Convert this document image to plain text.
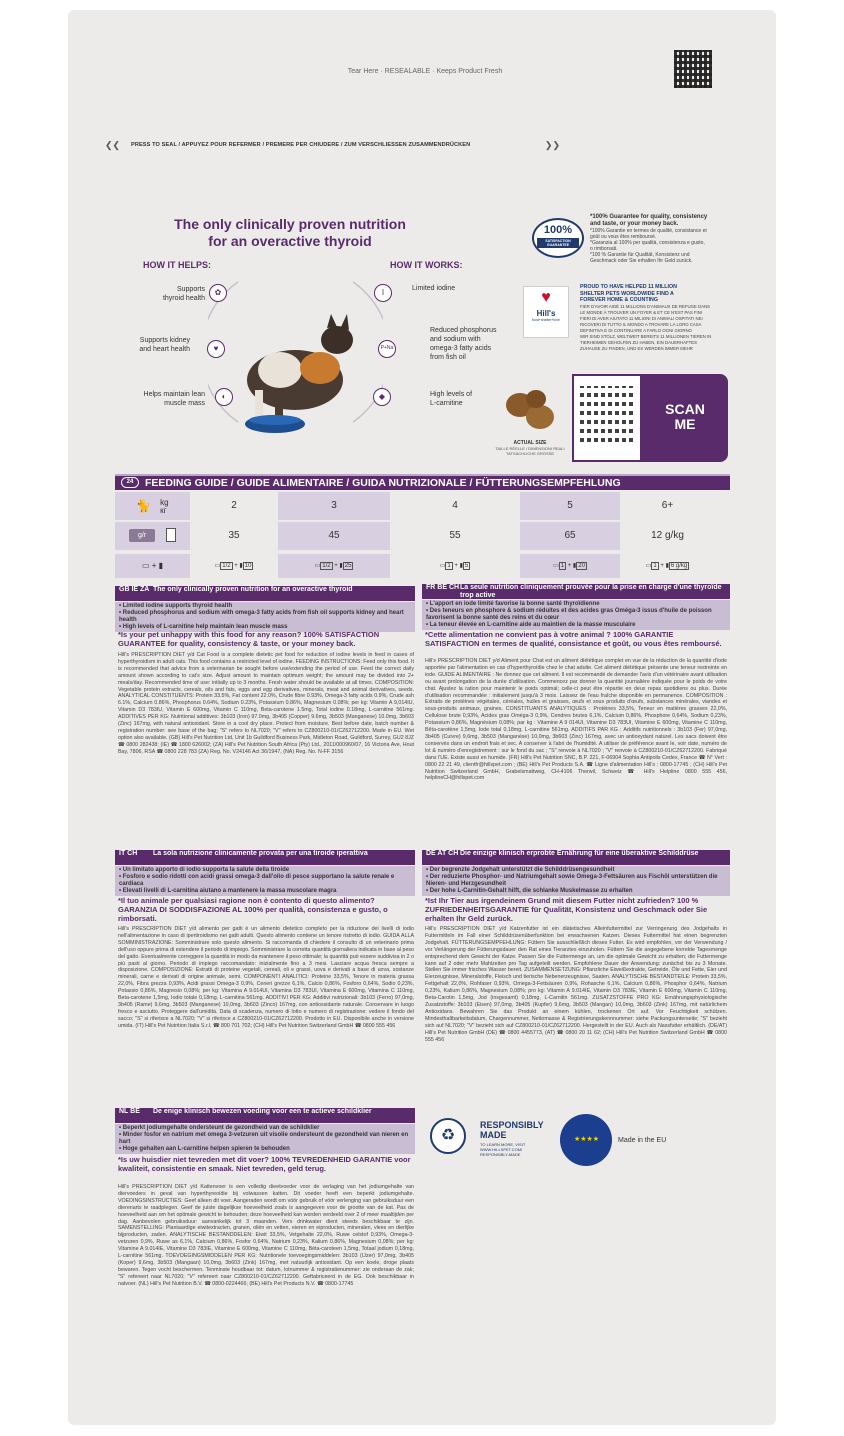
Tear Here · RESEALABLE · Keeps Product Fresh
❮❮ PRESS TO SEAL / APPUYEZ POUR REFERMER / PREMERE PER CHIUDERE / ZUM VERSCHLIESSEN ZUSAMMENDRÜCKEN	❯❯
The only clinically proven nutrition
for an overactive thyroid
HOW IT HELPS:	HOW IT WORKS:
Supports
thyroid health
Supports kidney
and heart health
Helps maintain lean
muscle mass
✿
♥
◐
I
P+Na
◆
Limited iodine
Reduced phosphorus
and sodium with
omega-3 fatty acids
from fish oil
High levels of
L-carnitine
ACTUAL SIZE
TAILLE RÉELLE / DIMENSIONI REALI
TATSÄCHLICHE GRÖSSE
100%
SATISFACTION GUARANTEE
*100% Guarantee for quality, consistency
and taste, or your money back.
*100% Garantie en termes de qualité, consistance et
goût ou vous êtes remboursé.
*Garanzia al 100% per qualità, consistenza e gusto,
o rimborsati.
*100 % Garantie für Qualität, Konsistenz und
Geschmack oder Sie erhalten Ihr Geld zurück.
♥
Hill's
food+shelter+love
PROUD TO HAVE HELPED 11 MILLION
SHELTER PETS WORLDWIDE FIND A
FOREVER HOME & COUNTING
FIER D'AVOIR AIDÉ 11 MILLIONS D'ANIMAUX DE REFUGE DANS
LE MONDE À TROUVER UN FOYER & ET CE N'EST PAS FINI
FIERI DI AVER AIUTATO 11 MILIONI DI ANIMALI OSPITATI NEI
RICOVERI DI TUTTO IL MONDO A TROVARE LA LORO CASA
DEFINITIVA E DI CONTINUARE A FARLO OGNI GIORNO
WIR SIND STOLZ, WELTWEIT BEREITS 11 MILLIONEN TIEREN IN
TIERHEIMEN GEHOLFEN ZU HABEN, EIN DAUERHAFTES
ZUHAUSE ZU FINDEN, UND ES WERDEN IMMER MEHR
SCAN
ME
24	FEEDING GUIDE / GUIDE ALIMENTAIRE / GUIDA NUTRIZIONALE / FÜTTERUNGSEMPFEHLUNG
🐈 kg
кг	2	3	4	5	6+
g/r	35	45	55	65	12 g/kg
▭ + ▮	▭ 1/2 + ▮ 10	▭ 1/2 + ▮ 25	▭ 1 + ▮ 5	▭ 1 + ▮ 20	▭ 1 + ▮ 6 g/kg
GB IE ZA The only clinically proven nutrition for an overactive thyroid
• Limited iodine supports thyroid health
• Reduced phosphorus and sodium with omega-3 fatty acids from fish oil supports kidney and heart health
• High levels of L-carnitine help maintain lean muscle mass
*Is your pet unhappy with this food for any reason? 100% SATISFACTION GUARANTEE for quality, consistency & taste, or your money back.
Hill's PRESCRIPTION DIET y/d Cat Food is a complete dietetic pet food for reduction of iodine levels in feed in cases of hyperthyroidism in adult cats. This food contains a restricted level of iodine. FEEDING INSTRUCTIONS: Feed only this food. It is recommended that advice from a veterinarian be sought before use/extending the period of use. Feed the correct daily amount shown according to cat's size. Adjust amount to maintain optimum weight; the amount may be divided into 2+ meals/day. Recommended time of use: initially up to 3 months. Fresh water should be available at all times. COMPOSITION: Vegetable protein extracts, cereals, oils and fats, eggs and egg derivatives, minerals, meat and animal derivatives, seeds. ANALYTICAL CONSTITUENTS: Protein 33.5%, Fat content 22.0%, Crude fibre 0.93%, Omega-3 fatty acids 0.9%, Crude ash 6.1%, Calcium 0.86%, Phosphorus 0.64%, Sodium 0.23%, Potassium 0.86%, Magnesium 0.08%; per kg: Vitamin A 9,014IU, Vitamin D3 783IU, Vitamin E 600mg, Vitamin C 110mg, Beta-carotene 1.5mg, Total iodine 0.18mg, L-carnitine 561mg. ADDITIVES PER KG: Nutritional additives: 3b103 (Iron) 97.0mg, 3b405 (Copper) 9.6mg, 3b503 (Manganese) 10.0mg, 3b603 (Zinc) 167mg, with natural antioxidant. Store in a cool dry place. Protect from moisture. Best before date, batch number & registration number: see base of the bag; "S" refers to NL7020; "V" refers to CZ800210-01/CZ62712200. Made in EU. Wet option also available. (GB) Hill's Pet Nutrition Ltd, Unit 1b Guildford Business Park, Midleton Road, Guildford, Surrey, GU2 8JZ ☎ 0800 282438; (IE) ☎ 1800 626002; (ZA) Hill's Pet Nutrition South Africa (Pty) Ltd., 2011/000960/07, 16 Victoria Ave, Hout Bay, 7806, RSA ☎ 0800 228 783 (ZA) Reg. No. V24146 Act 36/1947, (NA) Reg. No. N-FF 3156
FR BE CHLa seule nutrition cliniquement prouvée pour la prise en charge d'une thyroïde trop active
• L'apport en iode limité favorise la bonne santé thyroïdienne
• Des teneurs en phosphore & sodium réduites et des acides gras Oméga-3 issus d'huile de poisson favorisent la bonne santé des reins et du cœur
• La teneur élevée en L-carnitine aide au maintien de la masse musculaire
*Cette alimentation ne convient pas à votre animal ? 100% GARANTIE SATISFACTION en termes de qualité, consistance et goût, ou vous êtes remboursé.
Hill's PRESCRIPTION DIET y/d Aliment pour Chat est un aliment diététique complet en vue de la réduction de la quantité d'iode apportée par l'alimentation en cas d'hyperthyroïdie chez le chat adulte. Cet aliment diététique présente une teneur restreinte en iode. GUIDE ALIMENTAIRE : Ne donnez que cet aliment. Il est recommandé de demander l'avis d'un vétérinaire avant utilisation ou avant prolongation de la durée d'utilisation. Commencez par donner la quantité journalière indiquée pour le poids de votre chat. Ajustez la ration pour maintenir le poids optimal; celle-ci peut être répartie en deux repas quotidiens ou plus. Durée d'utilisation recommandée : initialement jusqu'à 3 mois. Laissez de l'eau fraîche disponible en permanence. COMPOSITION : Extraits de protéines végétales, céréales, huiles et graisses, œufs et sous produits d'œufs, substances minérales, viandes et sous-produits animaux, graines. CONSTITUANTS ANALYTIQUES : Protéines 33,5%, Teneur en matières grasses 22,0%, Cellulose brute 0,93%, Acides gras Oméga-3 0,9%, Cendres brutes 6,1%, Calcium 0,86%, Phosphore 0,64%, Sodium 0,23%, Potassium 0,86%, Magnésium 0,08%; par kg : Vitamine A 9 014UI, Vitamine D3 783UI, Vitamine E 600mg, Vitamine C 110mg, Bêta-carotène 1,5mg, Iode total 0,18mg, L-carnitine 561mg. ADDITIFS PAR KG : Additifs nutritionnels : 3b103 (Fer) 97,0mg, 3b405 (Cuivre) 9,6mg, 3b503 (Manganèse) 10,0mg, 3b603 (Zinc) 167mg, avec un antioxydant naturel. Les sacs doivent être conservés dans un endroit frais et sec. A conserver à l'abri de l'humidité. A utiliser de préférence avant le, voir date, numéro de lot & numéro d'enregistrement : sur le fond du sac ; "S" renvoie à NL7020 ; "V" renvoie à CZ800210-01/CZ62712200. Fabriqué dans l'UE. Existe aussi en humide. (FR) Hill's Pet Nutrition SNC, B.P. 221, F-06904 Sophia Antipolis Cedex, France ☎ N° Vert : 0800 22 21 49, clientfr@hillspet.com ; (BE) Hill's Pet Products S.A. ☎ Ligne d'alimentation Hill's : 0800-17745 ; (CH) Hill's Pet Nutrition Switzerland GmbH, Grabelsmattweg, CH-4106 Therwil, Schweiz ☎ Hill's Helpline 0800 555 456, helplineCH@hillspet.com
IT CH La sola nutrizione clinicamente provata per una tiroide iperattiva
• Un limitato apporto di iodio supporta la salute della tiroide
• Fosforo e sodio ridotti con acidi grassi omega-3 dall'olio di pesce supportano la salute renale e cardiaca
• Elevati livelli di L-carnitina aiutano a mantenere la massa muscolare magra
*Il tuo animale per qualsiasi ragione non è contento di questo alimento? GARANZIA DI SODDISFAZIONE AL 100% per qualità, consistenza e gusto, o rimborsati.
Hill's PRESCRIPTION DIET y/d alimento per gatti è un alimento dietetico completo per la riduzione dei livelli di iodio nell'alimentazione in caso di ipertiroidismo nei gatti adulti. Questo alimento contiene un tenore ristretto di iodio. GUIDA ALLA SOMMINISTRAZIONE: Somministrare solo questo alimento. Si raccomanda di chiedere il consulto di un veterinario prima dell'uso oppure prima di estendere il periodo di impiego. Somministrare la corretta quantità giornaliera indicata in base al peso del gatto. Eventualmente correggere la quantità in modo da mantenere il peso ottimale; la quantità può essere suddivisa in 2 o più pasti al giorno. Periodo di impiego raccomandato: inizialmente fino a 3 mesi. Lasciare acqua fresca sempre a disposizione. COMPOSIZIONE: Estratti di proteine vegetali, cereali, oli e grassi, uova e derivati a base di uova, sostanze minerali, carne e derivati di origine animale, semi. COMPONENTI ANALITICI: Proteine 33,5%, Tenore in materia grassa 22,0%, Fibra grezza 0,93%, Acidi grassi Omega-3 0,9%, Ceneri grezze 6,1%, Calcio 0,86%, Fosforo 0,64%, Sodio 0,23%, Potassio 0,86%, Magnesio 0,08%; per kg: Vitamina A 9.014UI, Vitamina D3 783UI, Vitamina E 600mg, Vitamina C 110mg, Beta-carotene 1,5mg, Iodio totale 0,18mg, L-carnitina 561mg. ADDITIVI PER KG: Additivi nutrizionali: 3b103 (Ferro) 97,0mg, 3b405 (Rame) 9,6mg, 3b503 (Manganese) 10,0mg, 3b603 (Zinco) 167mg, con antiossidante naturale. Conservare in luogo fresco e asciutto. Proteggere dall'umidità. Data di scadenza, numero di lotto e numero di registrazione: vedere il fondo del sacco; "S" si riferisce a NL7020; "V" si riferisce a CZ800210-01/CZ62712200. Prodotto in EU. Disponibile anche in versione umida. (IT) Hill's Pet Nutrition Italia S.r.l. ☎ 800 701 702; (CH) Hill's Pet Nutrition Switzerland GmbH ☎ 0800 555 456
DE AT CH Die einzige klinisch erprobte Ernährung für eine überaktive Schilddrüse
• Der begrenzte Jodgehalt unterstützt die Schilddrüsengesundheit
• Der reduzierte Phosphor- und Natriumgehalt sowie Omega-3-Fettsäuren aus Fischöl unterstützen die Nieren- und Herzgesundheit
• Der hohe L-Carnitin-Gehalt hilft, die schlanke Muskelmasse zu erhalten
*Ist Ihr Tier aus irgendeinem Grund mit diesem Futter nicht zufrieden? 100 % ZUFRIEDENHEITSGARANTIE für Qualität, Konsistenz und Geschmack oder Sie erhalten Ihr Geld zurück.
Hill's PRESCRIPTION DIET y/d Katzenfutter ist ein diätetisches Alleinfuttermittel zur Verringerung des Jodgehalts in Futtermitteln im Fall einer Schilddrüsenüberfunktion bei erwachsenen Katzen. Dieses Futtermittel hat einen begrenzten Jodgehalt. FÜTTERUNGSEMPFEHLUNG: Füttern Sie ausschließlich dieses Futter. Es wird empfohlen, vor der Verwendung / vor Verlängerung der Fütterungsdauer den Rat eines Tierarztes einzuholen. Füttern Sie die angegebene korrekte Tagesmenge entsprechend dem Gewicht der Katze. Passen Sie die Futtermenge an, um die optimale Gewicht zu erhalten; die Futtermenge kann auf 2 oder mehr Mahlzeiten pro Tag aufgeteilt werden. Empfohlene Dauer der Anwendung: zunächst bis zu 3 Monate. Stellen Sie immer frisches Wasser bereit. ZUSAMMENSETZUNG: Pflanzliche Eiweißextrakte, Getreide, Öle und Fette, Eier und Eierzeugnisse, Mineralstoffe, Fleisch und tierische Nebenerzeugnisse, Saaten. ANALYTISCHE BESTANDTEILE: Protein 33,5%, Fettgehalt 22,0%, Rohfaser 0,93%, Omega-3-Fettsäuren 0,9%, Rohasche 6,1%, Calcium 0,86%, Phosphor 0,64%, Natrium 0,23%, Kalium 0,86%, Magnesium 0,08%; pro kg: Vitamin A 9.014IE, Vitamin D3 783IE, Vitamin E 600mg, Vitamin C 110mg, Beta-Carotin 1,5mg, Jod (insgesamt) 0,18mg, L-Carnitin 561mg. ZUSATZSTOFFE PRO KG: Ernährungsphysiologische Zusatzstoffe: 3b103 (Eisen) 97,0mg, 3b405 (Kupfer) 9,6mg, 3b503 (Mangan) 10,0mg, 3b603 (Zink) 167mg, mit natürlichem Antioxidans. Bewahren Sie das Produkt an einem kühlen, trockenen Ort auf. Vor Feuchtigkeit schützen. Mindesthaltbarkeitsdatum, Chargennummer, Nettomasse & Registrierungskennnummer: siehe Packungsunterseite; "S" bezieht sich auf NL7020; "V" bezieht sich auf CZ800210-01/CZ62712200. Hergestellt in der EU. Auch als Nassfutter erhältlich. (DE/AT) Hill's Pet Nutrition GmbH (DE) ☎ 0800 4455773, (AT) ☎ 0800 20 11 62; (CH) Hill's Pet Nutrition Switzerland GmbH ☎ 0800 555 456
NL BE De enige klinisch bewezen voeding voor een te actieve schildklier
• Beperkt jodiumgehalte ondersteunt de gezondheid van de schildklier
• Minder fosfor en natrium met omega 3-vetzuren uit visolie ondersteunt de gezondheid van nieren en hart
• Hoge gehalten aan L-carnitine helpen spieren te behouden
*Is uw huisdier niet tevreden met dit voer? 100% TEVREDENHEID GARANTIE voor kwaliteit, consistentie en smaak. Niet tevreden, geld terug.
Hill's PRESCRIPTION DIET y/d Kattenvoer is een volledig dieetvoeder voor de verlaging van het jodiumgehalte van diervoeders in geval van hyperthyreoïdie bij volwassen katten. Dit voeder heeft een beperkt jodiumgehalte. VOEDINGSINSTRUCTIES: Geef alleen dit voer. Aangeraden wordt om vóór gebruik of vóór verlenging van gebruiksduur een dierenarts te raadplegen. Geef de juiste dagelijkse hoeveelheid zoals is aangegeven voor de grootte van de kat. Pas de hoeveelheid aan om het optimale gewicht te behouden; deze hoeveelheid kan worden verdeeld over 2 of meer maaltijden per dag. Aanbevolen gebruiksduur: aanvankelijk tot 3 maanden. Vers drinkwater dient steeds beschikbaar te zijn. SAMENSTELLING: Plantaardige eiwitextracten, granen, oliën en vetten, eieren en eiproducten, mineralen, vlees en dierlijke bijproducten, zaden. ANALYTISCHE BESTANDDELEN: Eiwit 33,5%, Vetgehalte 22,0%, Ruwe celstof 0,93%, Omega-3-vetzuren 0,9%, Ruwe as 6,1%, Calcium 0,86%, Fosfor 0,64%, Natrium 0,23%, Kalium 0,86%, Magnesium 0,08%; per kg: Vitamine A 9.014IE, Vitamine D3 783IE, Vitamine E 600mg, Vitamine C 110mg, Bèta-caroteen 1,5mg, Totaal jodium 0,18mg, L-carnitine 561mg. TOEVOEGINGSMIDDELEN PER KG: Nutritionele toevoegingsmiddelen: 3b103 (IJzer) 97,0mg, 3b405 (Koper) 9,6mg, 3b503 (Mangaan) 10,0mg, 3b603 (Zink) 167mg, met natuurlijk antioxidant. Op een koele, droge plaats bewaren. Tegen vocht beschermen. Tenminste houdbaar tot: datum, lotnummer & registratienummer: zie onderaan de zak; "S" refereert naar NL7020; "V" refereert naar CZ800210-01/CZ62712200. Geftabriceerd in de EG. Ook beschikbaar in natvoer. (NL) Hill's Pet Nutrition B.V. ☎ 0800-0224466; (BE) Hill's Pet Products N.V. ☎ 0800-17745
♻
RESPONSIBLY
MADE
TO LEARN MORE, VISIT
WWW.HILLSPET.COM/
RESPONSIBLY-MADE
★ ★ ★ ★	Made in the EU
